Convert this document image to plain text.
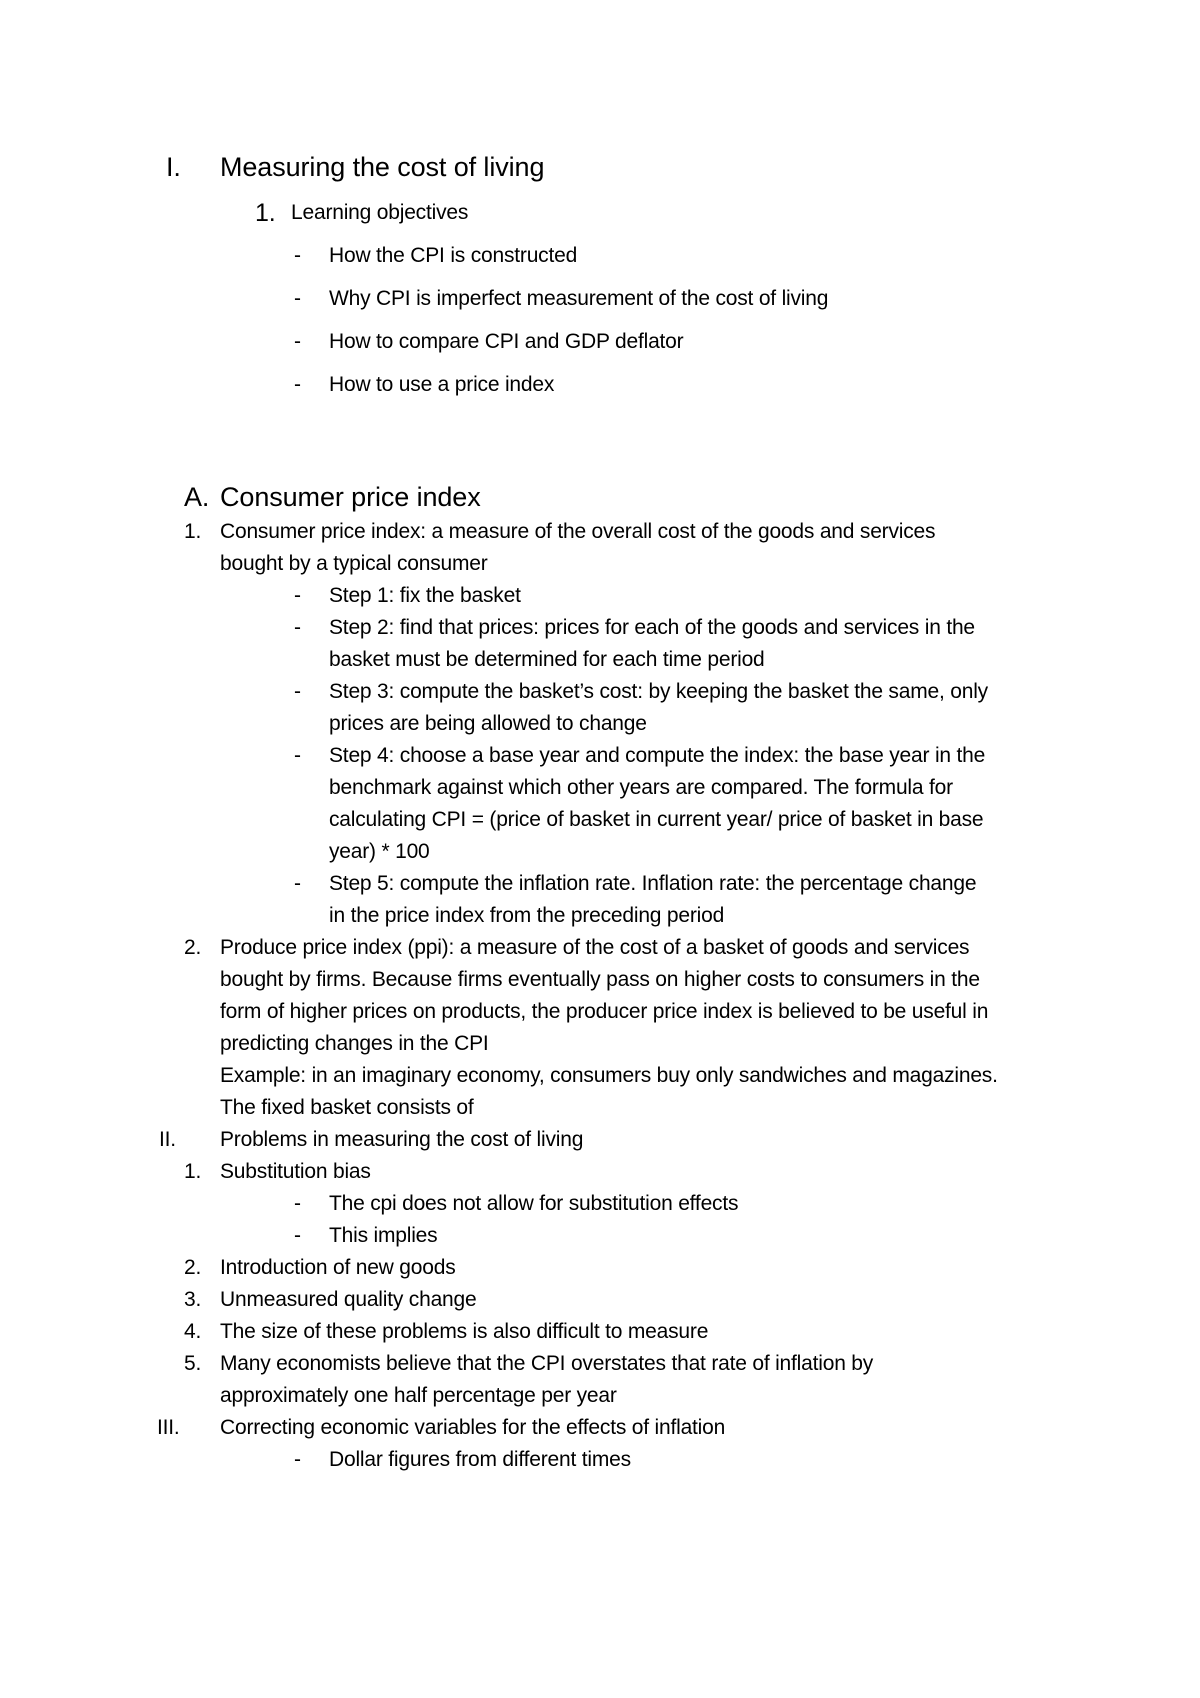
I. Measuring the cost of living
1. Learning objectives
- How the CPI is constructed
- Why CPI is imperfect measurement of the cost of living
- How to compare CPI and GDP deflator
- How to use a price index
A. Consumer price index
1. Consumer price index: a measure of the overall cost of the goods and services
bought by a typical consumer
- Step 1: fix the basket
- Step 2: find that prices: prices for each of the goods and services in the
basket must be determined for each time period
- Step 3: compute the basket’s cost: by keeping the basket the same, only
prices are being allowed to change
- Step 4: choose a base year and compute the index: the base year in the
benchmark against which other years are compared. The formula for
calculating CPI = (price of basket in current year/ price of basket in base
year) * 100
- Step 5: compute the inflation rate. Inflation rate: the percentage change
in the price index from the preceding period
2. Produce price index (ppi): a measure of the cost of a basket of goods and services
bought by firms. Because firms eventually pass on higher costs to consumers in the
form of higher prices on products, the producer price index is believed to be useful in
predicting changes in the CPI
Example: in an imaginary economy, consumers buy only sandwiches and magazines.
The fixed basket consists of
II. Problems in measuring the cost of living
1. Substitution bias
- The cpi does not allow for substitution effects
- This implies
2. Introduction of new goods
3. Unmeasured quality change
4. The size of these problems is also difficult to measure
5. Many economists believe that the CPI overstates that rate of inflation by
approximately one half percentage per year
III. Correcting economic variables for the effects of inflation
- Dollar figures from different times
